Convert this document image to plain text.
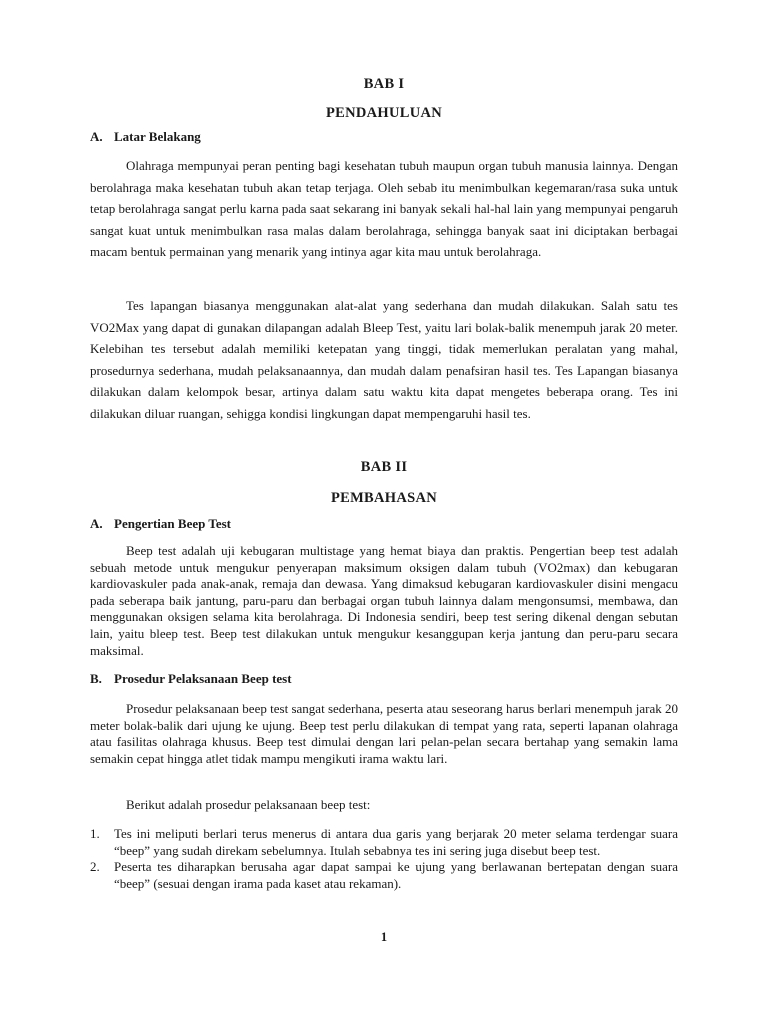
BAB I
PENDAHULUAN
A. Latar Belakang

Olahraga mempunyai peran penting bagi kesehatan tubuh maupun organ tubuh manusia lainnya. Dengan berolahraga maka kesehatan tubuh akan tetap terjaga. Oleh sebab itu menimbulkan kegemaran/rasa suka untuk tetap berolahraga sangat perlu karna pada saat sekarang ini banyak sekali hal-hal lain yang mempunyai pengaruh sangat kuat untuk menimbulkan rasa malas dalam berolahraga, sehingga banyak saat ini diciptakan berbagai macam bentuk permainan yang menarik yang intinya agar kita mau untuk berolahraga.

Tes lapangan biasanya menggunakan alat-alat yang sederhana dan mudah dilakukan. Salah satu tes VO2Max yang dapat di gunakan dilapangan adalah Bleep Test, yaitu lari bolak-balik menempuh jarak 20 meter. Kelebihan tes tersebut adalah memiliki ketepatan yang tinggi, tidak memerlukan peralatan yang mahal, prosedurnya sederhana, mudah pelaksanaannya, dan mudah dalam penafsiran hasil tes. Tes Lapangan biasanya dilakukan dalam kelompok besar, artinya dalam satu waktu kita dapat mengetes beberapa orang. Tes ini dilakukan diluar ruangan, sehigga kondisi lingkungan dapat mempengaruhi hasil tes.

BAB II
PEMBAHASAN
A. Pengertian Beep Test

Beep test adalah uji kebugaran multistage yang hemat biaya dan praktis. Pengertian beep test adalah sebuah metode untuk mengukur penyerapan maksimum oksigen dalam tubuh (VO2max) dan kebugaran kardiovaskuler pada anak-anak, remaja dan dewasa. Yang dimaksud kebugaran kardiovaskuler disini mengacu pada seberapa baik jantung, paru-paru dan berbagai organ tubuh lainnya dalam mengonsumsi, membawa, dan menggunakan oksigen selama kita berolahraga. Di Indonesia sendiri, beep test sering dikenal dengan sebutan lain, yaitu bleep test. Beep test dilakukan untuk mengukur kesanggupan kerja jantung dan peru-paru secara maksimal.

B. Prosedur Pelaksanaan Beep test

Prosedur pelaksanaan beep test sangat sederhana, peserta atau seseorang harus berlari menempuh jarak 20 meter bolak-balik dari ujung ke ujung. Beep test perlu dilakukan di tempat yang rata, seperti lapanan olahraga atau fasilitas olahraga khusus. Beep test dimulai dengan lari pelan-pelan secara bertahap yang semakin lama semakin cepat hingga atlet tidak mampu mengikuti irama waktu lari.

Berikut adalah prosedur pelaksanaan beep test:

1. Tes ini meliputi berlari terus menerus di antara dua garis yang berjarak 20 meter selama terdengar suara “beep” yang sudah direkam sebelumnya. Itulah sebabnya tes ini sering juga disebut beep test.
2. Peserta tes diharapkan berusaha agar dapat sampai ke ujung yang berlawanan bertepatan dengan suara “beep” (sesuai dengan irama pada kaset atau rekaman).
1
